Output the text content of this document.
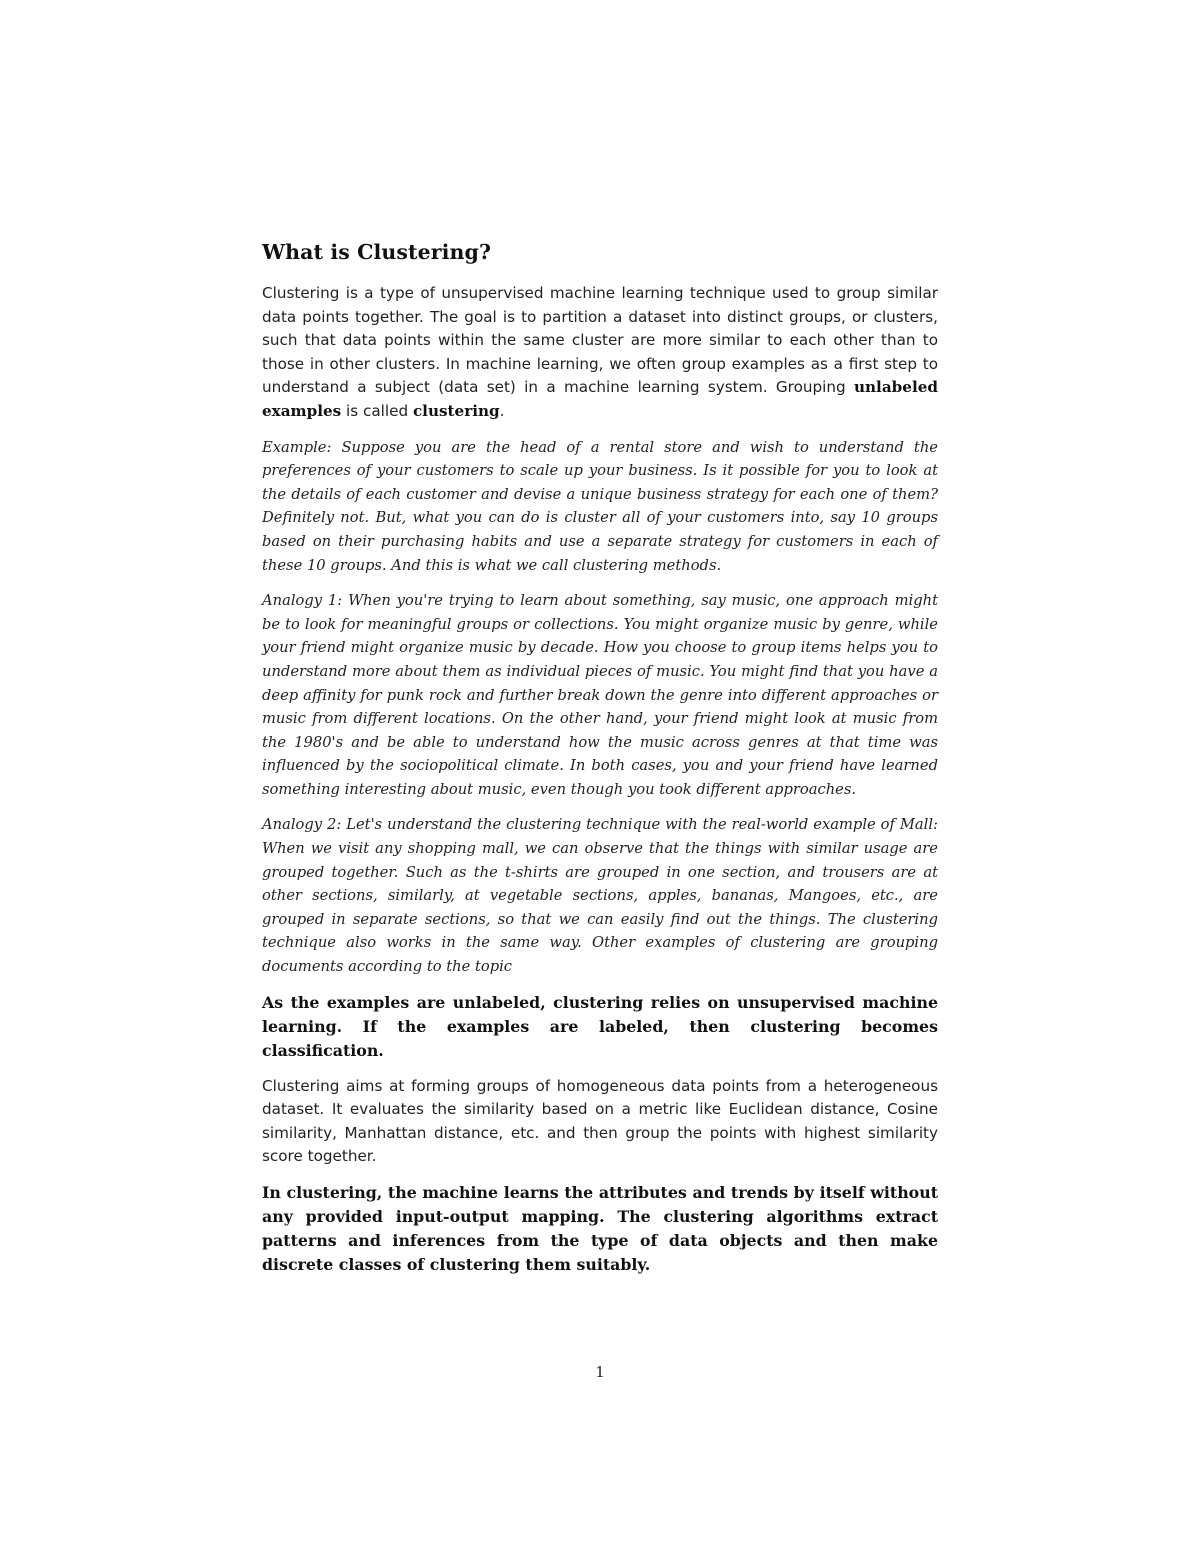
What is Clustering?

Clustering is a type of unsupervised machine learning technique used to group similar data points together. The goal is to partition a dataset into distinct groups, or clusters, such that data points within the same cluster are more similar to each other than to those in other clusters. In machine learning, we often group examples as a first step to understand a subject (data set) in a machine learning system. Grouping unlabeled examples is called clustering.

Example: Suppose you are the head of a rental store and wish to understand the preferences of your customers to scale up your business. Is it possible for you to look at the details of each customer and devise a unique business strategy for each one of them? Definitely not. But, what you can do is cluster all of your customers into, say 10 groups based on their purchasing habits and use a separate strategy for customers in each of these 10 groups. And this is what we call clustering methods.

Analogy 1: When you're trying to learn about something, say music, one approach might be to look for meaningful groups or collections. You might organize music by genre, while your friend might organize music by decade. How you choose to group items helps you to understand more about them as individual pieces of music. You might find that you have a deep affinity for punk rock and further break down the genre into different approaches or music from different locations. On the other hand, your friend might look at music from the 1980's and be able to understand how the music across genres at that time was influenced by the sociopolitical climate. In both cases, you and your friend have learned something interesting about music, even though you took different approaches.

Analogy 2: Let's understand the clustering technique with the real-world example of Mall: When we visit any shopping mall, we can observe that the things with similar usage are grouped together. Such as the t-shirts are grouped in one section, and trousers are at other sections, similarly, at vegetable sections, apples, bananas, Mangoes, etc., are grouped in separate sections, so that we can easily find out the things. The clustering technique also works in the same way. Other examples of clustering are grouping documents according to the topic

As the examples are unlabeled, clustering relies on unsupervised machine learning. If the examples are labeled, then clustering becomes classification.

Clustering aims at forming groups of homogeneous data points from a heterogeneous dataset. It evaluates the similarity based on a metric like Euclidean distance, Cosine similarity, Manhattan distance, etc. and then group the points with highest similarity score together.

In clustering, the machine learns the attributes and trends by itself without any provided input-output mapping. The clustering algorithms extract patterns and inferences from the type of data objects and then make discrete classes of clustering them suitably.

1
